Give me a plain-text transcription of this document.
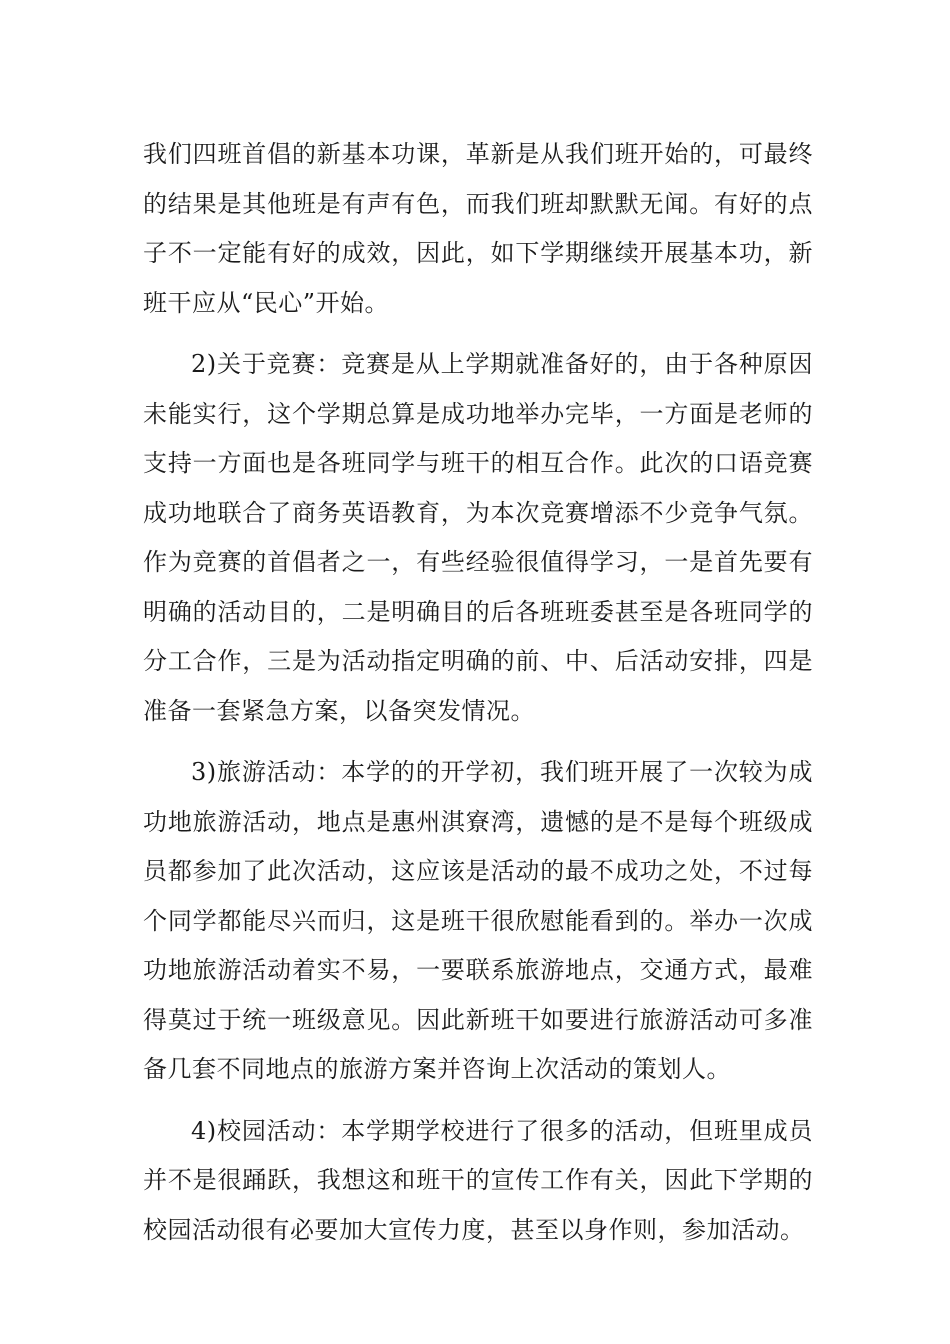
我们四班首倡的新基本功课，革新是从我们班开始的，可最终的结果是其他班是有声有色，而我们班却默默无闻。有好的点子不一定能有好的成效，因此，如下学期继续开展基本功，新班干应从“民心”开始。

2)关于竞赛：竞赛是从上学期就准备好的，由于各种原因未能实行，这个学期总算是成功地举办完毕，一方面是老师的支持一方面也是各班同学与班干的相互合作。此次的口语竞赛成功地联合了商务英语教育，为本次竞赛增添不少竞争气氛。作为竞赛的首倡者之一，有些经验很值得学习，一是首先要有明确的活动目的，二是明确目的后各班班委甚至是各班同学的分工合作，三是为活动指定明确的前、中、后活动安排，四是准备一套紧急方案，以备突发情况。

3)旅游活动：本学的的开学初，我们班开展了一次较为成功地旅游活动，地点是惠州淇寮湾，遗憾的是不是每个班级成员都参加了此次活动，这应该是活动的最不成功之处，不过每个同学都能尽兴而归，这是班干很欣慰能看到的。举办一次成功地旅游活动着实不易，一要联系旅游地点，交通方式，最难得莫过于统一班级意见。因此新班干如要进行旅游活动可多准备几套不同地点的旅游方案并咨询上次活动的策划人。

4)校园活动：本学期学校进行了很多的活动，但班里成员并不是很踊跃，我想这和班干的宣传工作有关，因此下学期的校园活动很有必要加大宣传力度，甚至以身作则，参加活动。
